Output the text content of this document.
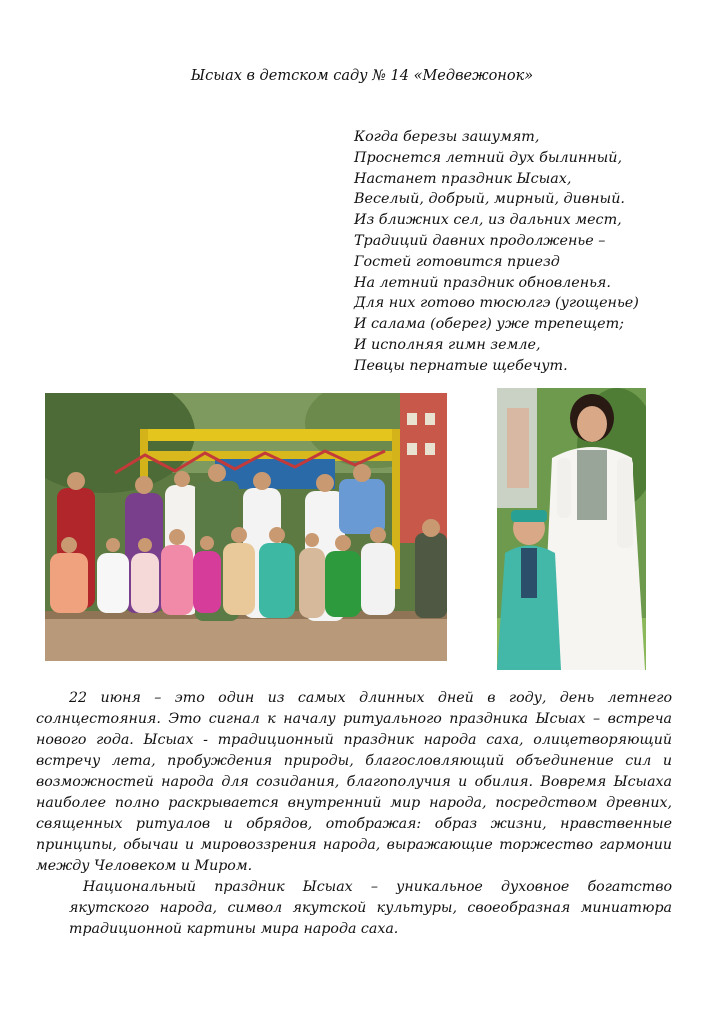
Ысыах в детском саду № 14 «Медвежонок»
Когда березы зашумят,
Проснется летний дух былинный,
Настанет праздник Ысыах,
Веселый, добрый, мирный, дивный.
Из ближних сел, из дальних мест,
Традиций давних продолженье –
Гостей готовится приезд
На летний праздник обновленья.
Для них готово тюсюлгэ (угощенье)
И салама (оберег) уже трепещет;
И исполняя гимн земле,
Певцы пернатые щебечут.

22 июня – это один из самых длинных дней в году, день летнего солнцестояния. Это сигнал к началу ритуального праздника Ысыах – встреча нового года. Ысыах - традиционный праздник народа саха, олицетворяющий встречу лета, пробуждения природы, благословляющий объединение сил и возможностей народа для созидания, благополучия и обилия. Вовремя Ысыаха наиболее полно раскрывается внутренний мир народа, посредством древних, священных ритуалов и обрядов, отображая: образ жизни, нравственные принципы, обычаи и мировоззрения народа, выражающие торжество гармонии между Человеком и Миром.

Национальный праздник Ысыах – уникальное духовное богатство якутского народа, символ якутской культуры, своеобразная миниатюра традиционной картины мира народа саха.
